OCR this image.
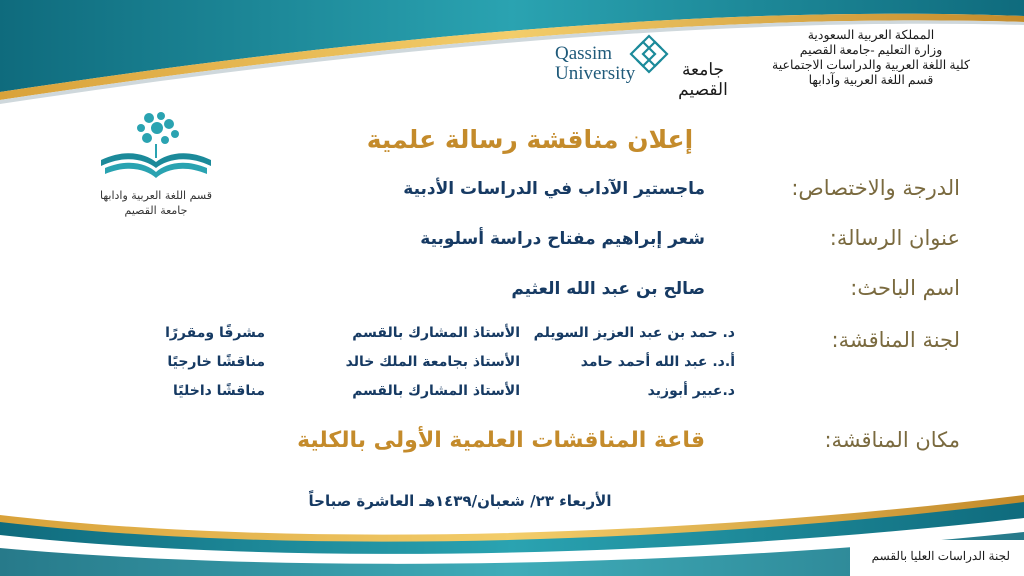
المملكة العربية السعودية
وزارة التعليم -جامعة القصيم
كلية اللغة العربية والدراسات الاجتماعية
قسم اللغة العربية وآدابها
Qassim
University	جامعة القصيم
قسم اللغة العربية وادابها
جامعة القصيم
إعلان مناقشة رسالة علمية
الدرجة والاختصاص:
ماجستير الآداب في الدراسات الأدبية
عنوان الرسالة:
شعر إبراهيم مفتاح دراسة أسلوبية
اسم الباحث:
صالح بن عبد الله العثيم
لجنة المناقشة:
د. حمد بن عبد العزيز السويلم
الأستاذ المشارك بالقسم
مشرفًا ومقررًا
أ.د. عبد الله أحمد حامد
الأستاذ بجامعة الملك خالد
مناقشًا خارجيًا
د.عبير أبوزيد
الأستاذ المشارك بالقسم
مناقشًا داخليًا
مكان المناقشة:
قاعة المناقشات العلمية الأولى بالكلية
الأربعاء ٢٣/ شعبان/١٤٣٩هـ العاشرة صباحاً
لجنة الدراسات العليا بالقسم
